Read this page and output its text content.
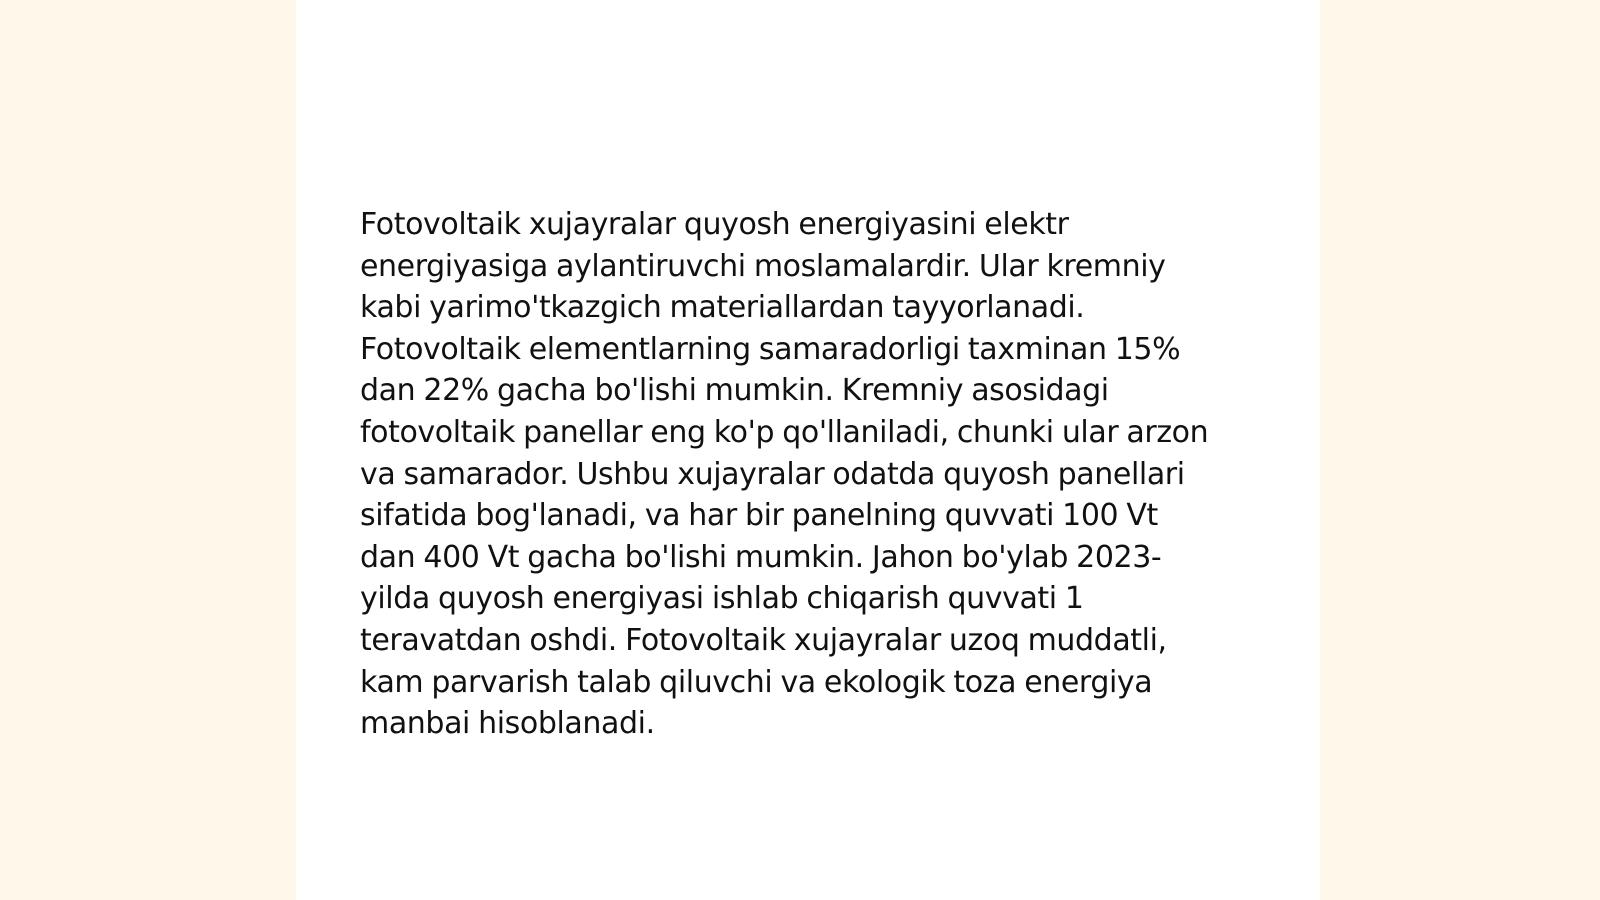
Fotovoltaik xujayralar quyosh energiyasini elektr energiyasiga aylantiruvchi moslamalardir. Ular kremniy kabi yarimo'tkazgich materiallardan tayyorlanadi. Fotovoltaik elementlarning samaradorligi taxminan 15% dan 22% gacha bo'lishi mumkin. Kremniy asosidagi fotovoltaik panellar eng ko'p qo'llaniladi, chunki ular arzon va samarador. Ushbu xujayralar odatda quyosh panellari sifatida bog'lanadi, va har bir panelning quvvati 100 Vt dan 400 Vt gacha bo'lishi mumkin. Jahon bo'ylab 2023-yilda quyosh energiyasi ishlab chiqarish quvvati 1 teravatdan oshdi. Fotovoltaik xujayralar uzoq muddatli, kam parvarish talab qiluvchi va ekologik toza energiya manbai hisoblanadi.
